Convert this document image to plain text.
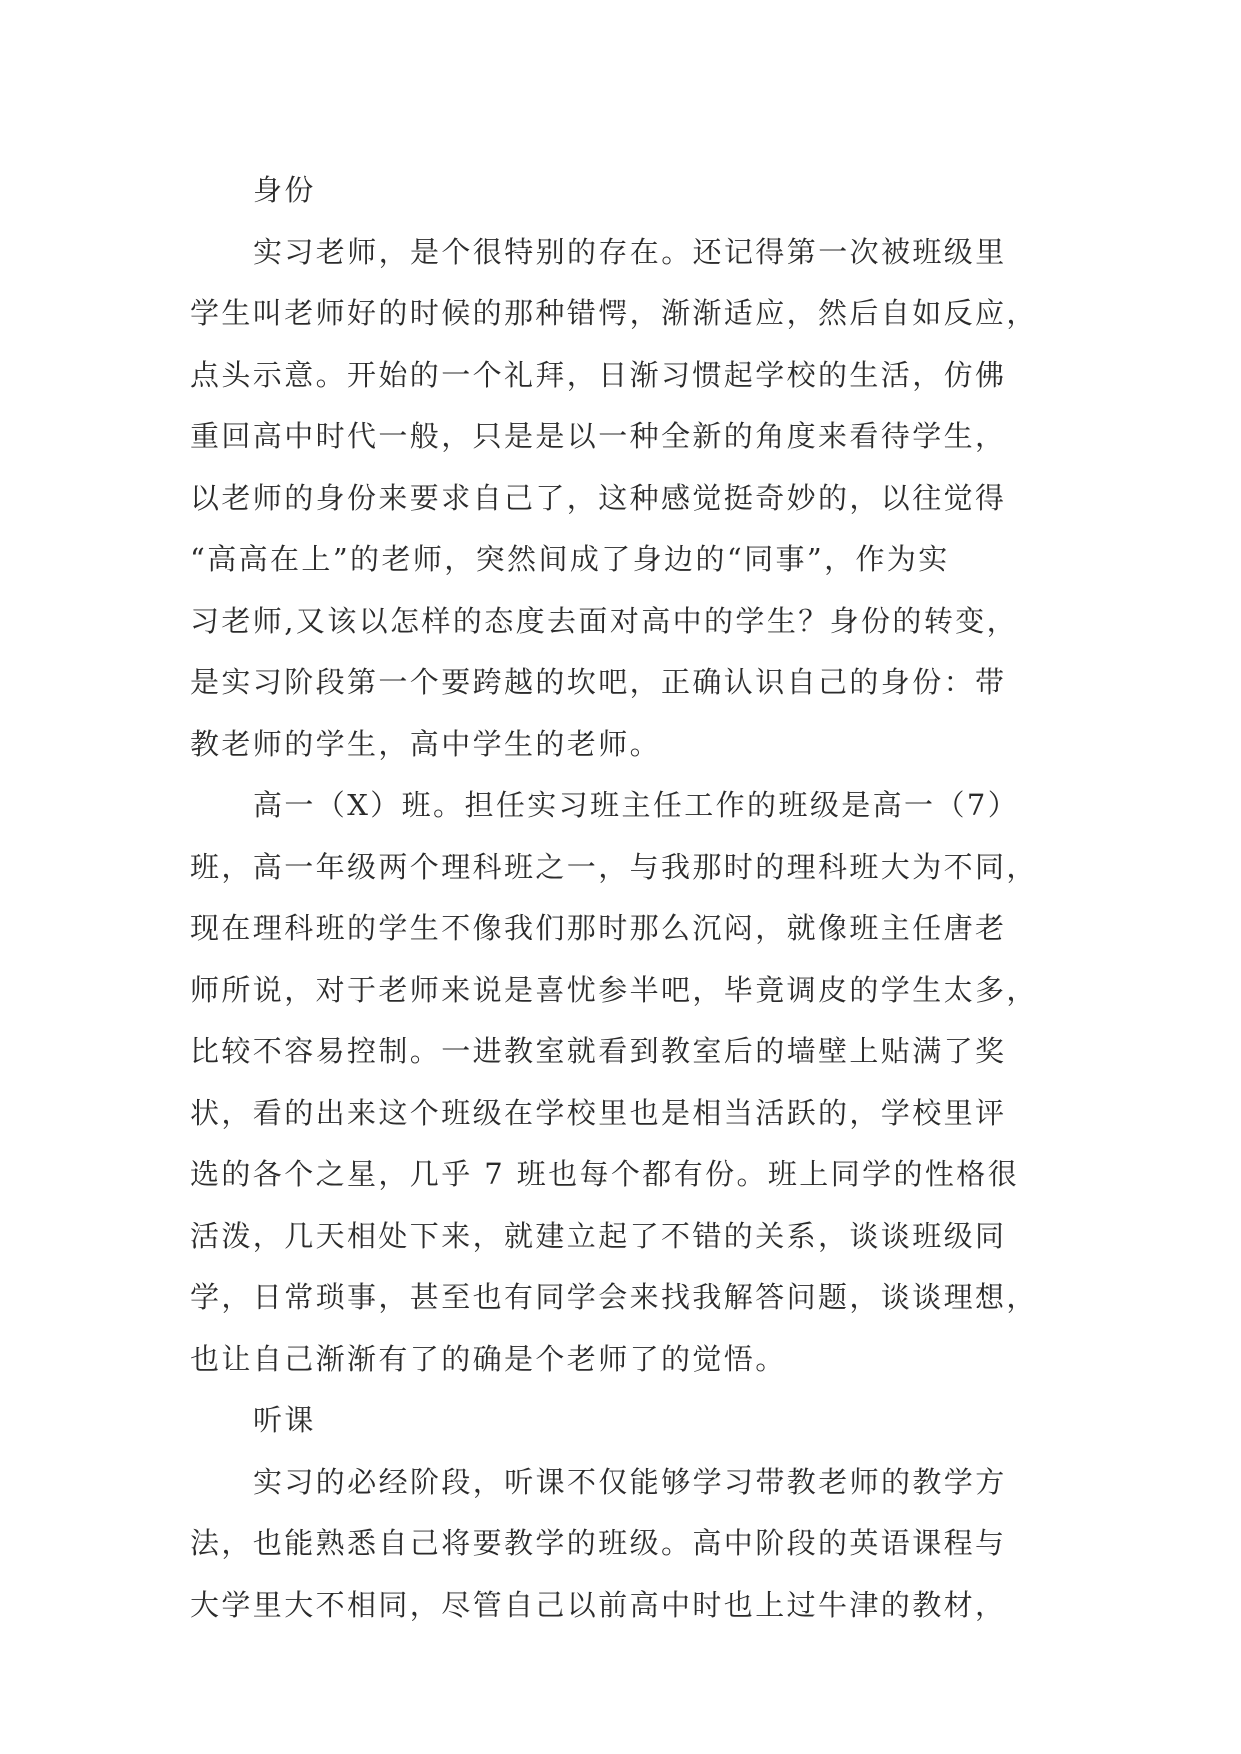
身份
实习老师，是个很特别的存在。还记得第一次被班级里
学生叫老师好的时候的那种错愕，渐渐适应，然后自如反应，
点头示意。开始的一个礼拜，日渐习惯起学校的生活，仿佛
重回高中时代一般，只是是以一种全新的角度来看待学生，
以老师的身份来要求自己了，这种感觉挺奇妙的，以往觉得
“高高在上”的老师，突然间成了身边的“同事”，作为实
习老师,又该以怎样的态度去面对高中的学生？身份的转变，
是实习阶段第一个要跨越的坎吧，正确认识自己的身份：带
教老师的学生，高中学生的老师。
高一（X）班。担任实习班主任工作的班级是高一（7）
班，高一年级两个理科班之一，与我那时的理科班大为不同，
现在理科班的学生不像我们那时那么沉闷，就像班主任唐老
师所说，对于老师来说是喜忧参半吧，毕竟调皮的学生太多，
比较不容易控制。一进教室就看到教室后的墙壁上贴满了奖
状，看的出来这个班级在学校里也是相当活跃的，学校里评
选的各个之星，几乎 7 班也每个都有份。班上同学的性格很
活泼，几天相处下来，就建立起了不错的关系，谈谈班级同
学，日常琐事，甚至也有同学会来找我解答问题，谈谈理想，
也让自己渐渐有了的确是个老师了的觉悟。
听课
实习的必经阶段，听课不仅能够学习带教老师的教学方
法，也能熟悉自己将要教学的班级。高中阶段的英语课程与
大学里大不相同，尽管自己以前高中时也上过牛津的教材，
